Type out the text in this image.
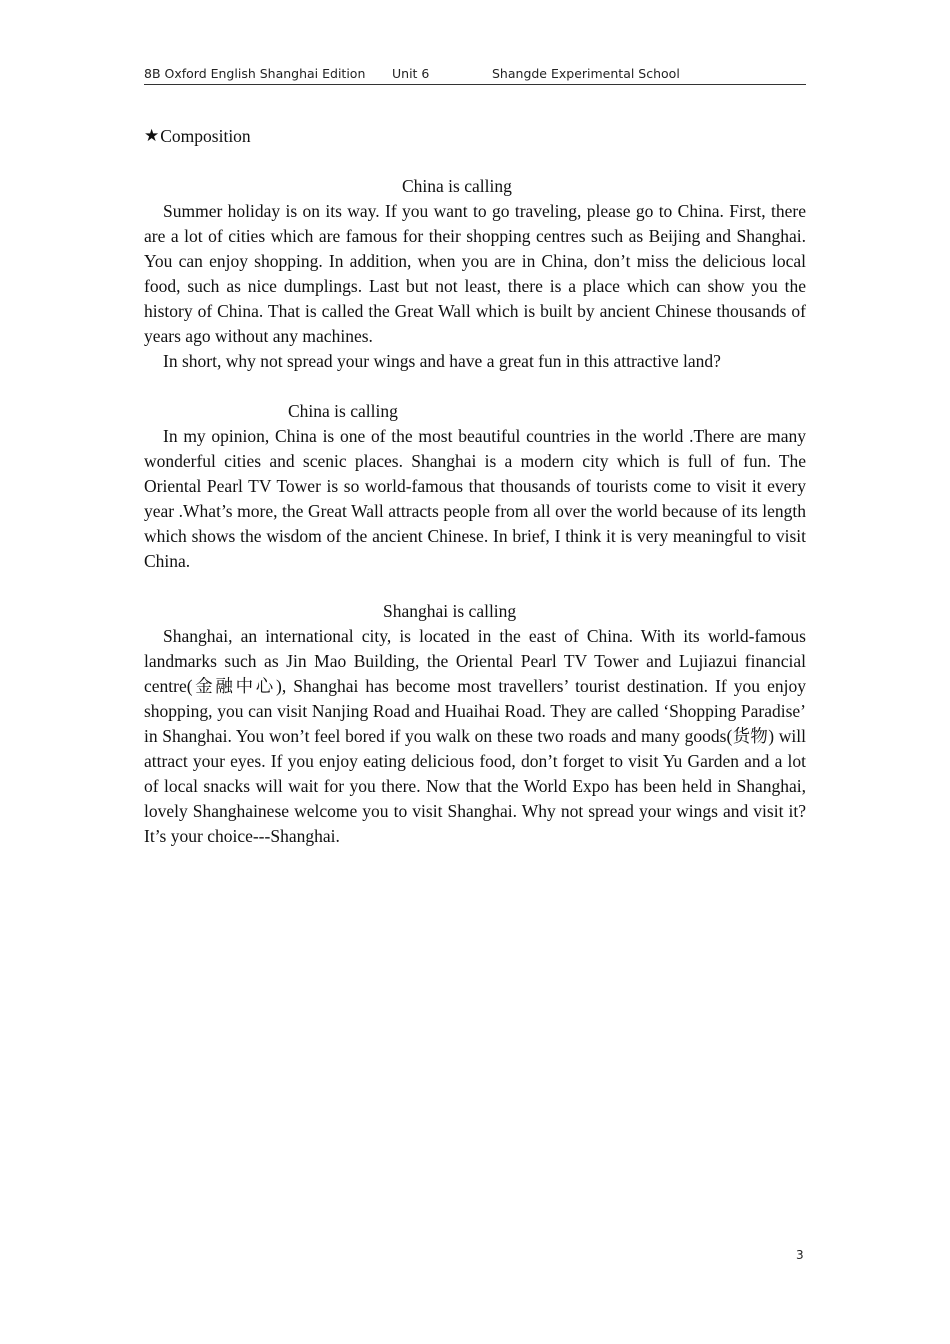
8B Oxford English Shanghai Edition Unit 6	Shangde Experimental School
★ Composition
China is calling

Summer holiday is on its way. If you want to go traveling, please go to China. First, there are a lot of cities which are famous for their shopping centres such as Beijing and Shanghai. You can enjoy shopping. In addition, when you are in China, don’t miss the delicious local food, such as nice dumplings. Last but not least, there is a place which can show you the history of China. That is called the Great Wall which is built by ancient Chinese thousands of years ago without any machines.

In short, why not spread your wings and have a great fun in this attractive land?

China is calling

In my opinion, China is one of the most beautiful countries in the world .There are many wonderful cities and scenic places. Shanghai is a modern city which is full of fun. The Oriental Pearl TV Tower is so world-famous that thousands of tourists come to visit it every year .What’s more, the Great Wall attracts people from all over the world because of its length which shows the wisdom of the ancient Chinese. In brief, I think it is very meaningful to visit China.

Shanghai is calling

Shanghai, an international city, is located in the east of China. With its world-famous landmarks such as Jin Mao Building, the Oriental Pearl TV Tower and Lujiazui financial centre(金融中心), Shanghai has become most travellers’ tourist destination. If you enjoy shopping, you can visit Nanjing Road and Huaihai Road. They are called ‘Shopping Paradise’ in Shanghai. You won’t feel bored if you walk on these two roads and many goods(货物) will attract your eyes. If you enjoy eating delicious food, don’t forget to visit Yu Garden and a lot of local snacks will wait for you there. Now that the World Expo has been held in Shanghai, lovely Shanghainese welcome you to visit Shanghai. Why not spread your wings and visit it? It’s your choice---Shanghai.

3
